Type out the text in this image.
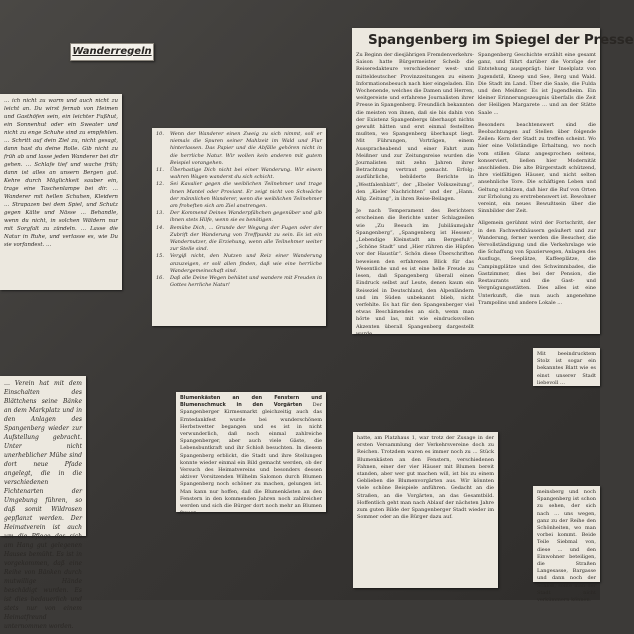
Wanderregeln

… ich nicht zu warm und auch nicht zu leicht an. Du wirst fernab von Heimen und Gasthöfen sein, ein leichter Fußhut, ein Sonnenhut oder ein Sweater und nicht zu enge Schuhe sind zu empfehlen. … Schritt auf dein Ziel zu, nicht gesagt, dann hast du deine Rolle. Gib nicht zu früh ab und lasse jeden Wanderer bei dir gehen. … Schlafe tief und wache früh; dann ist alles an unsern Bergen gut. Kehre durch Möglichkeit sauber ein, trage eine Taschenlampe bei dir. … Wanderer mit hellen Schuhen, Kleidern … Strapazen bei dem Spiel, und Schutz gegen Kälte und Nässe … Behandle, wenn du nicht, in solchen Wäldern nur mit Sorgfalt zu zündeln. … Lasse die Natur in Ruhe, und verlasse es, wie Du sie vorfandest. …

10.	Wenn der Wanderer einen Zweig zu sich nimmt, soll er niemals die Spuren seiner Mahlzeit im Wald und Flur hinterlassen. Das Papier und die Abfälle gehören nicht in die herrliche Natur. Wir wollen kein anderen mit gutem Beispiel vorangehen.
11.	Überhastige Dich nicht bei einer Wanderung. Wir einem wahren Wagen wanderst du sich schicht.
12.	Sei Kavalier gegen die weiblichen Teilnehmer und trage ihnen Mantel oder Proviant. Er zeigt nicht von Schwäche der männlichen Wanderer, wenn die weiblichen Teilnehmer am froheften sich am Ziel anstrengen.
13.	Der Kommend Deines Wanderpfähchen gegenüber und gib ihnen stets Hilfe, wenn sie es benötigen.
14.	Bemühe Dich, … Grunde der Wegung der Fugen oder der Zubrift der Wanderung von Treffpunkt zu sein. Es ist ein Wandernutzer, die Erziehung, wenn alle Teilnehmer weiter zur Stelle sind.
15.	Vergiß nicht, den Nutzen und Reiz einer Wanderung anzuzeigen, er soll allen finden, daß wie eine herrliche Wandergemeinschaft sind.
16.	Daß alle Deine Wegen behütet und wandere mit Freuden in Gottes herrliche Natur!
Spangenberg im Spiegel der Presse

Zu Beginn der diesjährigen Fremdenverkehrs-Saison hatte Bürgermeister Scheib die Reiseredakteure verschiedener west- und mitteldeutscher Provinzzeitungen zu einem Informationsbesuch nach hier eingeladen. Ein Wochenende, welches die Damen und Herren, weitgereiste und erfahrene Journalisten ihrer Presse in Spangenberg. Freundlich bekannten die meisten von ihnen, daß sie bis dahin von der Existenz Spangenbergs überhaupt nichts gewußt hätten und erst einmal festellten mußten, wo Spangenberg überhaupt liegt. Mit Führungen, Vorträgen, einem Ausspracheabend und einer Fahrt zum Meißner und zur Zeitungsreise wurden die Journalisten mit zehn Jahren ihrer Betrachtung vertraut gemacht. Erfolg: ausführliche, bebilderte Berichte in „Westfalenblatt“, der „Ebeler Volkszeitung“, den „Kieler Nachrichten“ und der „Hann. Allg. Zeitung“, in ihren Reise-Beilagen.

Je nach Temperament des Berichters erscheinen die Berichte unter Schlagzeilen wie „Zu Besuch im Jubiläumsjahr Spangenberg“, „Spangenberg ist Hessen“, „Lebendige Kleinstadt am Bergesfuß“, „Schöne Stadt“ und „Hier rühren die Hüpfen vor der Haustür“. Schön diese Überschriften beweisen den erfahrenen Blick für das Wesentliche und es ist eine helle Freude zu lesen, daß Spangenberg überall einen Eindruck selbst auf Leute, denen kaum ein Reiseziel in Deutschland, den Alpenländern und im Süden unbekannt blieb, nicht verfehlte. Es hat für den Spangenberger viel etwas Beschämendes an sich, wenn man hörte und las, mit wie eindrucksvollen Akzenten überall Spangenberg dargestellt wurde.

Spangenberg Geschichte erzählt eine gesamt ganz, und führt darüber die Vorzüge der Entstehung ausgeprägt: hier Inselplatz von Jugendstil, Kneep und See, Berg und Wald. Die Stadt im Land. Über die Saale, die Fulda und den Meißner. Es ist Jugendheim. Ein kleiner Erinnerungszeugnis überfalls die Zeit der Heiligen Margarete … und an der Stätte Saale …

Besonders beachtenswert sind die Beobachtungen auf Stellen über folgende Zeilen: Kern der Stadt zu treffen scheint. Wo hier eine Vollständige Erhaltung, wo noch vom stillen Glanz angesprochen seitens, konserviert, ließen hier Modernität anschließen. Die alte Bürgerstadt schützend, ihre vielfältigen Häuser, und nicht selten ansehnliche Tore. Die schäftigen Leben und Geltung schätzen, daß hier die Ruf von Orten zur Erholung zu erstrebenswert ist. Bewohner vereint, ein neues Bewußtsein über die Sinnbilder der Zeit.

Allgemein gerühmt wird der Fortschritt, der in den Fachwerkhäusern geäußert und zur Wanderung, ferner werden die Besucher, die Vervollständigung und die Verkehrslage wie die Schaffung von Spazierwegen, Anlagen des Ausflugs, Seeplätze, Kaffeeplätze, die Campingplätze und des Schwimmbades, die Gastzimmer, dies bei der Pension, die Restaurants und die Gast- und Vergnügungsstätten. Dies alles ist eine Unterkunft, die nun auch angenehme Trampolins und andere Lokale …

Mit beeindrucktem Stolz ist sogar ein bekanntes Blatt wie es einst unserer Stadt liebevoll …

… Verein hat mit dem Einschalten des Blättchens seine Bänke an dem Markplatz und in den Anlagen des Spangenberg wieder zur Aufstellung gebracht. Unter nicht unerheblicher Mühe sind dort neue Pfade angelegt, die in die verschiedenen Fichtenarten der Umgebung führen, so daß somit Wildrosen gepflanzt werden. Der Heimatverein ist auch um die Pflege des sich am Hang gut gelegenen Hauses bemüht. Es ist in vorgekommen, daß eine Reihe von Bänken durch mutwillige Hände beschädigt wurden. Es ist dies bedauerlich und stets nur von einem Heimatfreund unternommen worden.

Blumenkästen an den Fenstern und Blumenschmuck in den Vorgärten Der Spangenberger Kirmesmarkt gleichzeitig auch das Erntedankfest wurde bei wunderschönem Herbstwetter begangen und es ist in nicht verwunderlich, daß noch einmal zahlreiche Spangenberger, aber auch viele Gäste, die Lebensbuntkraft und ihr Schloß besuchten. In diesem Spangenberg erblickt, die Stadt und ihre Stellungen konnte wieder einmal ein Bild gemacht werden, ob der Versuch des Heimatvereins und besonders dessen aktiver Vorsitzenden Wilhelm Salomon durch Blumen Spangenberg noch schöner zu machen, gelungen ist. Man kann nur hoffen, daß die Blumenkästen an den Fenstern in den kommenden Jahren noch zahlreicher werden und sich die Bürger dort noch mehr an Blumen freuen.

hatte, am Platzhaus 1, war trotz der Zusage in der ersten Versammlung der Verkehrsvereine doch zu Reichen. Trotzdem waren es immer noch zu … Stück Blumenkästen an den Fenstern, verschiedenen Fahnen, einer der vier Häuser mit Blumen bereit standen, aber wer gut machen will, ist bis zu einem Geblieben die Blumenvorgärten aus. Wir könnten viele schöne Beispiele anführen. Gedacht an die Straßen, an die Vorgärten, an das Gesamtbild. Hoffentlich geht man nach Ablauf der nächsten Jahre zum guten Bilde der Spangenberger Stadt wieder im Sommer oder an die Bürger dazu auf.

meinsberg und noch Spangenberg ist schon zu sehen, der sich nach … uns wegen, ganz zu der Reihe den Schönheiten, wo man vorbei kommt. Beide Teile Siebmal von, diese … und den Einwohner beteiligen, die Straßen Langesasse, Bargasse und dann noch der Schloß, sollte man der Stadt nicht verkümmern können.
